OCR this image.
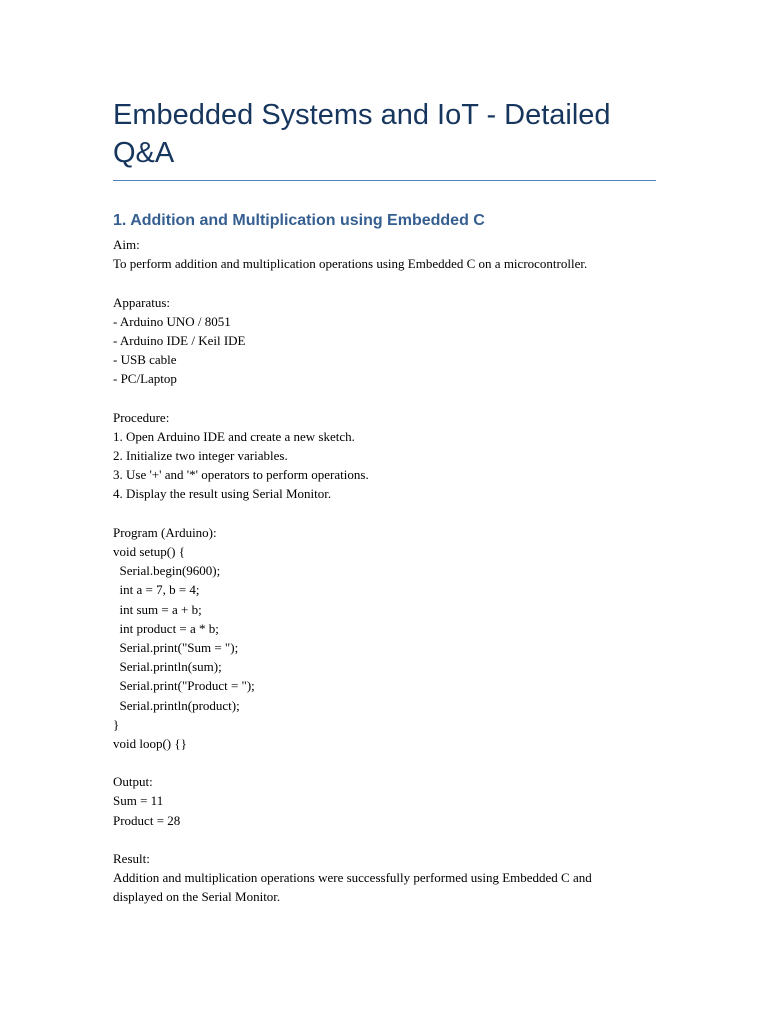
Embedded Systems and IoT - Detailed Q&A
1. Addition and Multiplication using Embedded C
Aim:
To perform addition and multiplication operations using Embedded C on a microcontroller.
Apparatus:
- Arduino UNO / 8051
- Arduino IDE / Keil IDE
- USB cable
- PC/Laptop
Procedure:
1. Open Arduino IDE and create a new sketch.
2. Initialize two integer variables.
3. Use '+' and '*' operators to perform operations.
4. Display the result using Serial Monitor.
Program (Arduino):
void setup() {
Serial.begin(9600);
int a = 7, b = 4;
int sum = a + b;
int product = a * b;
Serial.print("Sum = ");
Serial.println(sum);
Serial.print("Product = ");
Serial.println(product);
}
void loop() {}
Output:
Sum = 11
Product = 28
Result:
Addition and multiplication operations were successfully performed using Embedded C and
displayed on the Serial Monitor.
